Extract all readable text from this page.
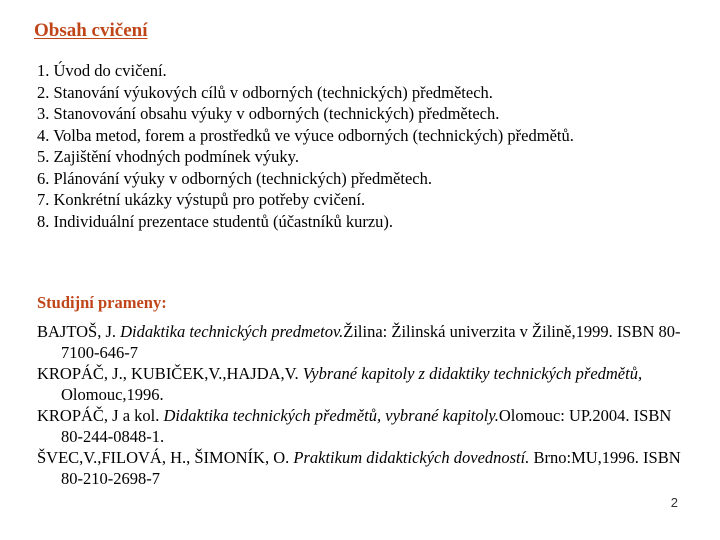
Obsah cvičení
1. Úvod do cvičení.
2. Stanování výukových cílů v odborných (technických) předmětech.
3. Stanovování obsahu výuky v odborných (technických) předmětech.
4. Volba metod, forem a prostředků ve výuce odborných (technických) předmětů.
5. Zajištění vhodných podmínek výuky.
6. Plánování výuky v odborných (technických) předmětech.
7. Konkrétní ukázky výstupů pro potřeby cvičení.
8. Individuální prezentace studentů (účastníků kurzu).
Studijní prameny:
BAJTOŠ, J. Didaktika technických predmetov.Žilina: Žilinská univerzita v Žilině,1999. ISBN 80-7100-646-7
KROPÁČ, J., KUBIČEK,V.,HAJDA,V. Vybrané kapitoly z didaktiky technických předmětů, Olomouc,1996.
KROPÁČ, J a kol. Didaktika technických předmětů, vybrané kapitoly.Olomouc: UP.2004. ISBN 80-244-0848-1.
ŠVEC,V.,FILOVÁ, H., ŠIMONÍK, O. Praktikum didaktických dovedností. Brno:MU,1996. ISBN 80-210-2698-7
2
